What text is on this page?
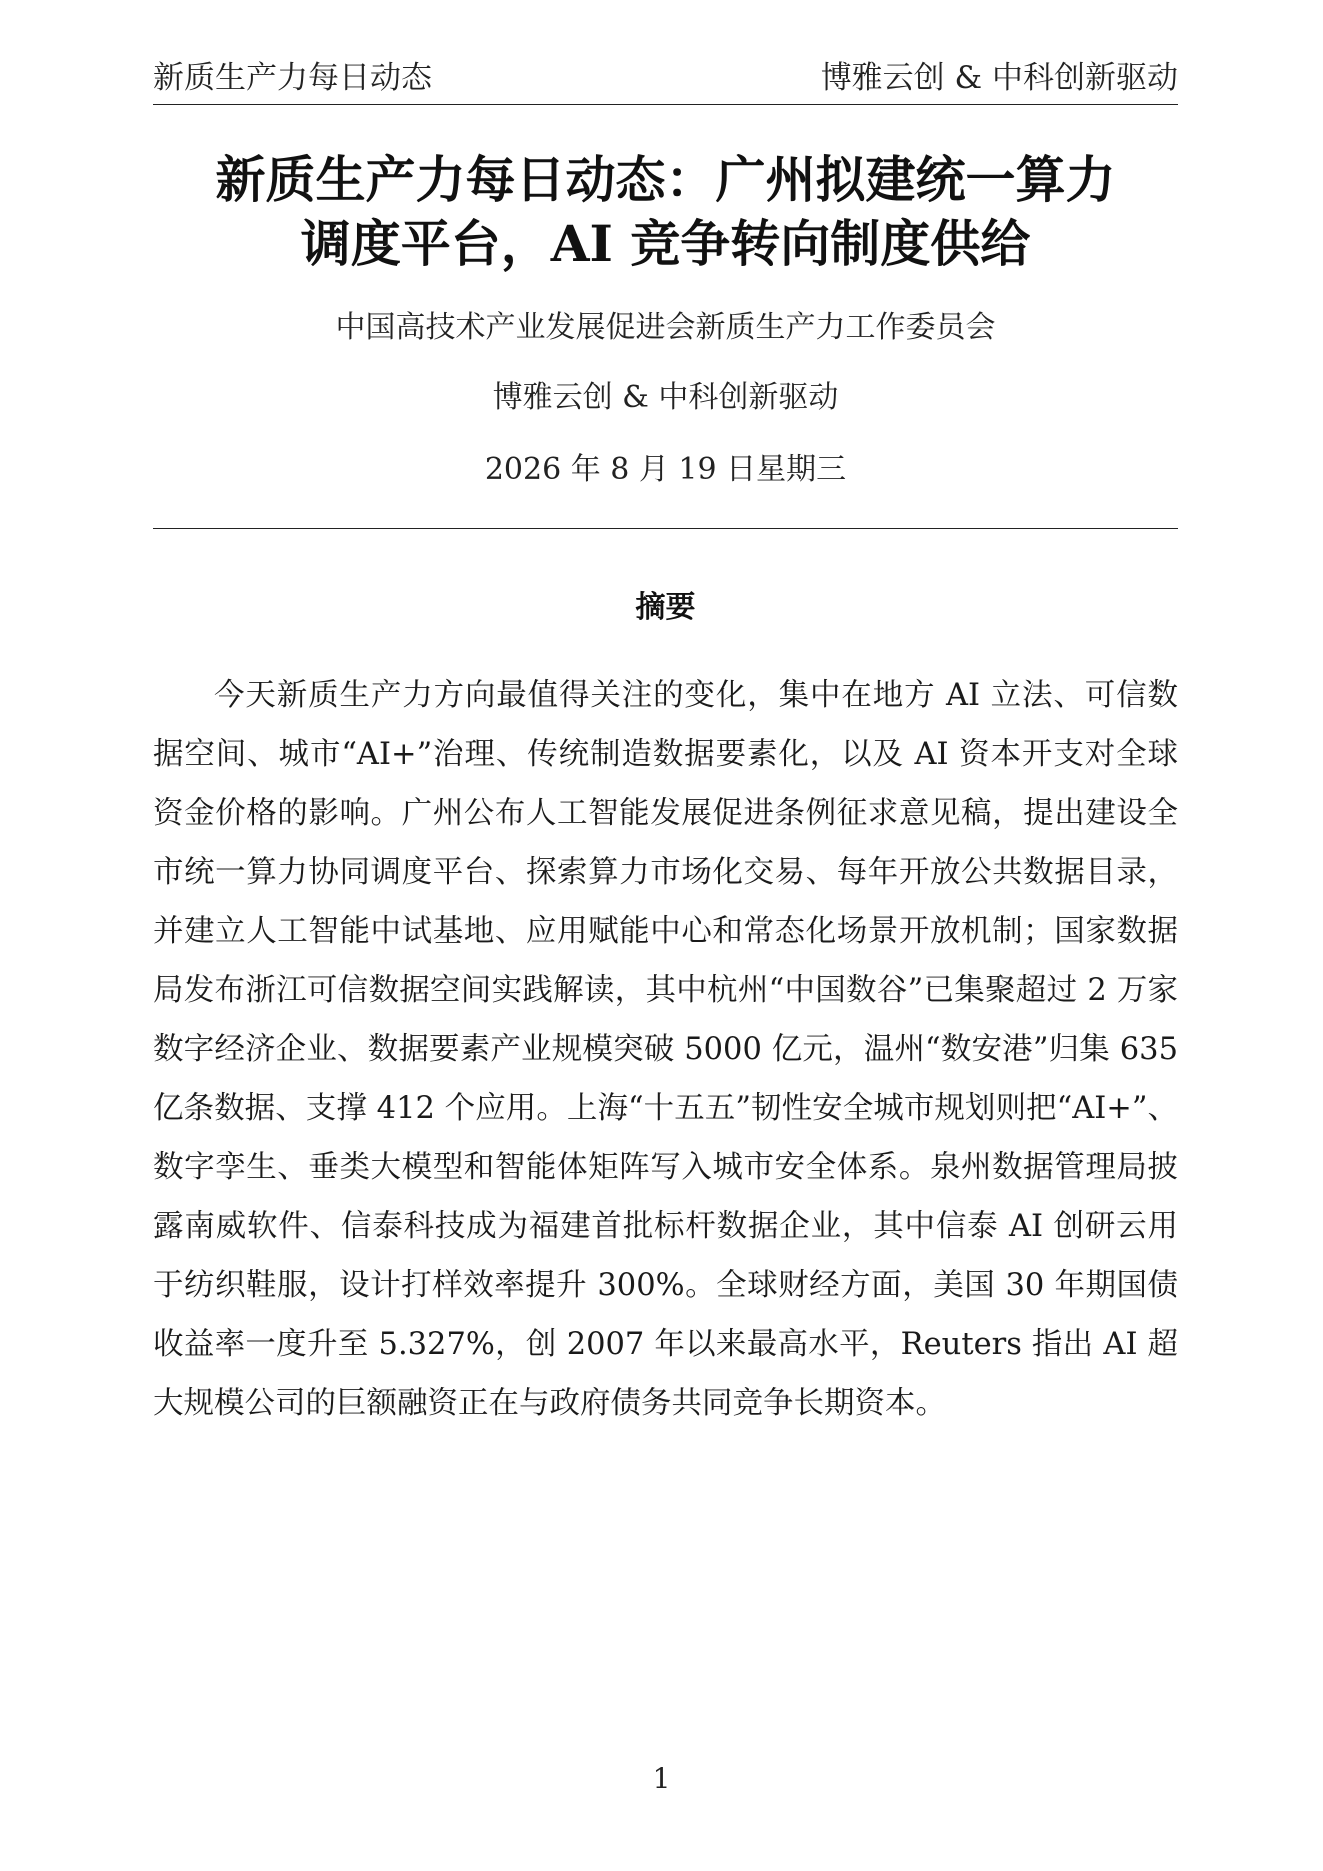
新质生产力每日动态	博雅云创 & 中科创新驱动
新质生产力每日动态：广州拟建统一算力
调度平台，AI 竞争转向制度供给
中国高技术产业发展促进会新质生产力工作委员会
博雅云创 & 中科创新驱动
2026 年 8 月 19 日星期三
摘要

今天新质生产力方向最值得关注的变化，集中在地方 AI 立法、可信数据空间、城市“AI+”治理、传统制造数据要素化，以及 AI 资本开支对全球资金价格的影响。广州公布人工智能发展促进条例征求意见稿，提出建设全市统一算力协同调度平台、探索算力市场化交易、每年开放公共数据目录，并建立人工智能中试基地、应用赋能中心和常态化场景开放机制；国家数据局发布浙江可信数据空间实践解读，其中杭州“中国数谷”已集聚超过 2 万家数字经济企业、数据要素产业规模突破 5000 亿元，温州“数安港”归集 635 亿条数据、支撑 412 个应用。上海“十五五”韧性安全城市规划则把“AI+”、数字孪生、垂类大模型和智能体矩阵写入城市安全体系。泉州数据管理局披露南威软件、信泰科技成为福建首批标杆数据企业，其中信泰 AI 创研云用于纺织鞋服，设计打样效率提升 300%。全球财经方面，美国 30 年期国债收益率一度升至 5.327%，创 2007 年以来最高水平，Reuters 指出 AI 超大规模公司的巨额融资正在与政府债务共同竞争长期资本。

1
